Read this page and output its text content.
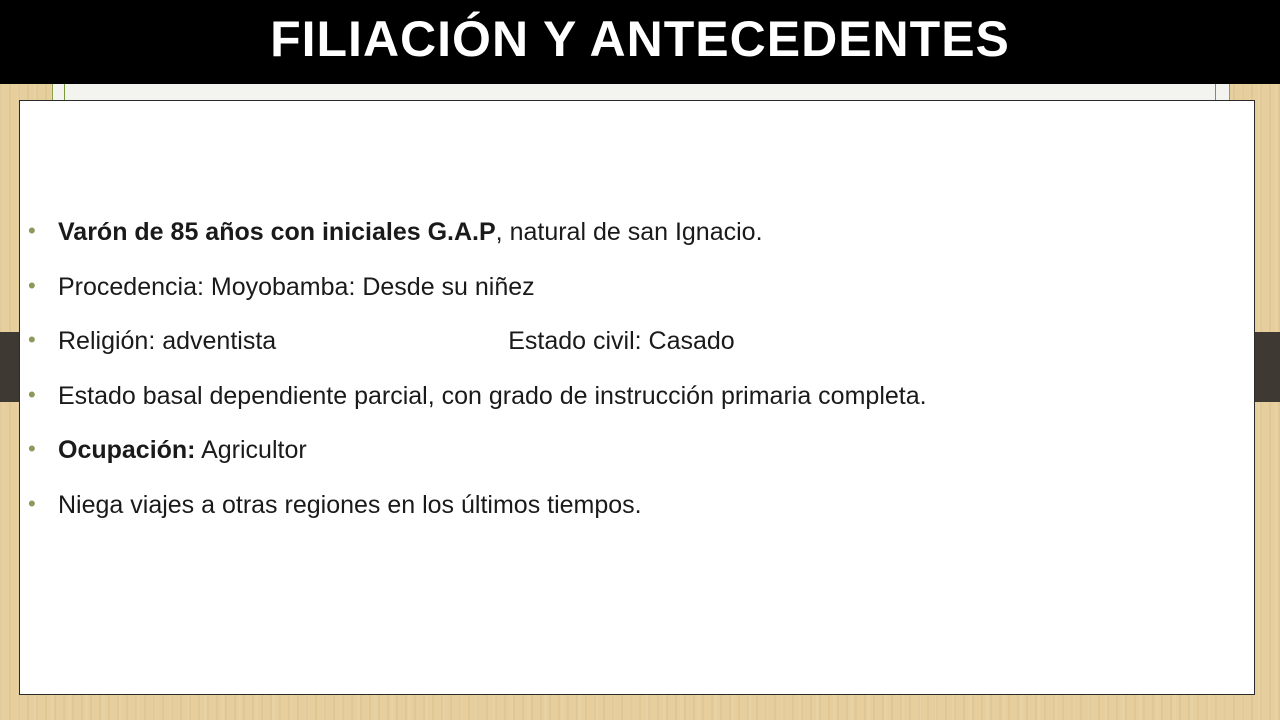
FILIACIÓN Y ANTECEDENTES
• Varón de 85 años con iniciales G.A.P, natural de san Ignacio.
• Procedencia: Moyobamba: Desde su niñez
• Religión: adventista	Estado civil: Casado
• Estado basal dependiente parcial, con grado de instrucción primaria completa.
• Ocupación: Agricultor
• Niega viajes a otras regiones en los últimos tiempos.
